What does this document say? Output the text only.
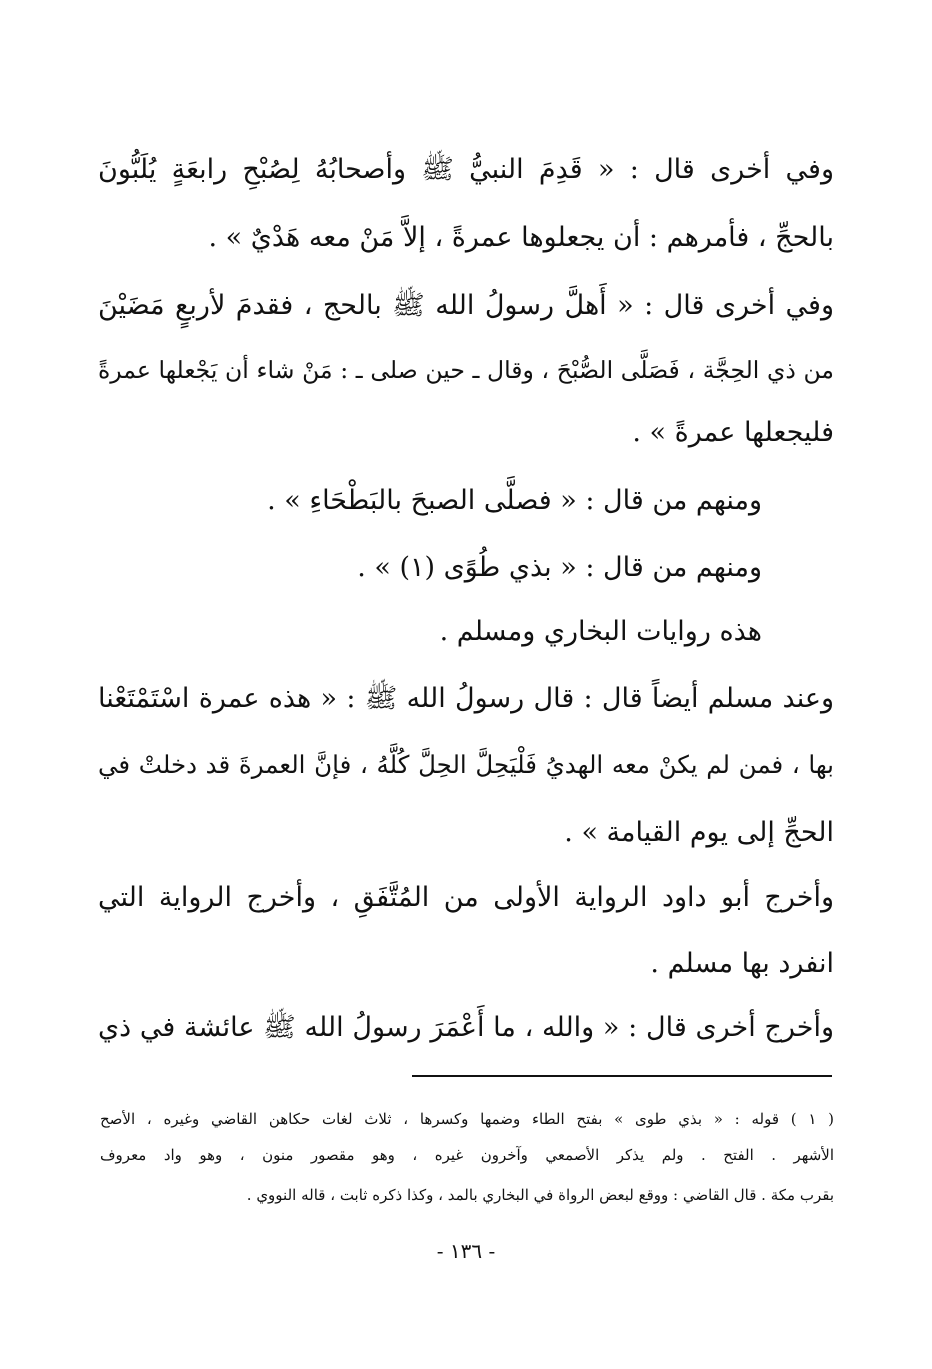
وفي أخرى قال : « قَدِمَ النبيُّ ﷺ وأصحابُهُ لِصُبْحِ رابعَةٍ يُلَبُّونَ
بالحجِّ ، فأمرهم : أن يجعلوها عمرةً ، إلاَّ مَنْ معه هَدْيٌ » .
وفي أخرى قال : « أَهلَّ رسولُ الله ﷺ بالحج ، فقدمَ لأربعٍ مَضَيْنَ
من ذي الحِجَّة ، فَصَلَّى الصُّبْحَ ، وقال ـ حين صلى ـ : مَنْ شاء أن يَجْعلها عمرةً
فليجعلها عمرةً » .
ومنهم من قال : « فصلَّى الصبحَ بالبَطْحَاءِ » .
ومنهم من قال : « بذي طُوًى (١) » .
هذه روايات البخاري ومسلم .
وعند مسلم أيضاً قال : قال رسولُ الله ﷺ : « هذه عمرة اسْتَمْتَعْنا
بها ، فمن لم يكنْ معه الهديُ فَلْيَحِلَّ الحِلَّ كُلَّهُ ، فإنَّ العمرةَ قد دخلتْ في
الحجِّ إلى يوم القيامة » .
وأخرج أبو داود الرواية الأولى من المُتَّفَقِ ، وأخرج الرواية التي
انفرد بها مسلم .
وأخرج أخرى قال : « والله ، ما أَعْمَرَ رسولُ الله ﷺ عائشة في ذي
( ١ ) قوله : « بذي طوى » بفتح الطاء وضمها وكسرها ، ثلاث لغات حكاهن القاضي وغيره ، الأصح
الأشهر . الفتح . ولم يذكر الأصمعي وآخرون غيره ، وهو مقصور منون ، وهو واد معروف
بقرب مكة . قال القاضي : ووقع لبعض الرواة في البخاري بالمد ، وكذا ذكره ثابت ، قاله النووي .
- ١٣٦ -
